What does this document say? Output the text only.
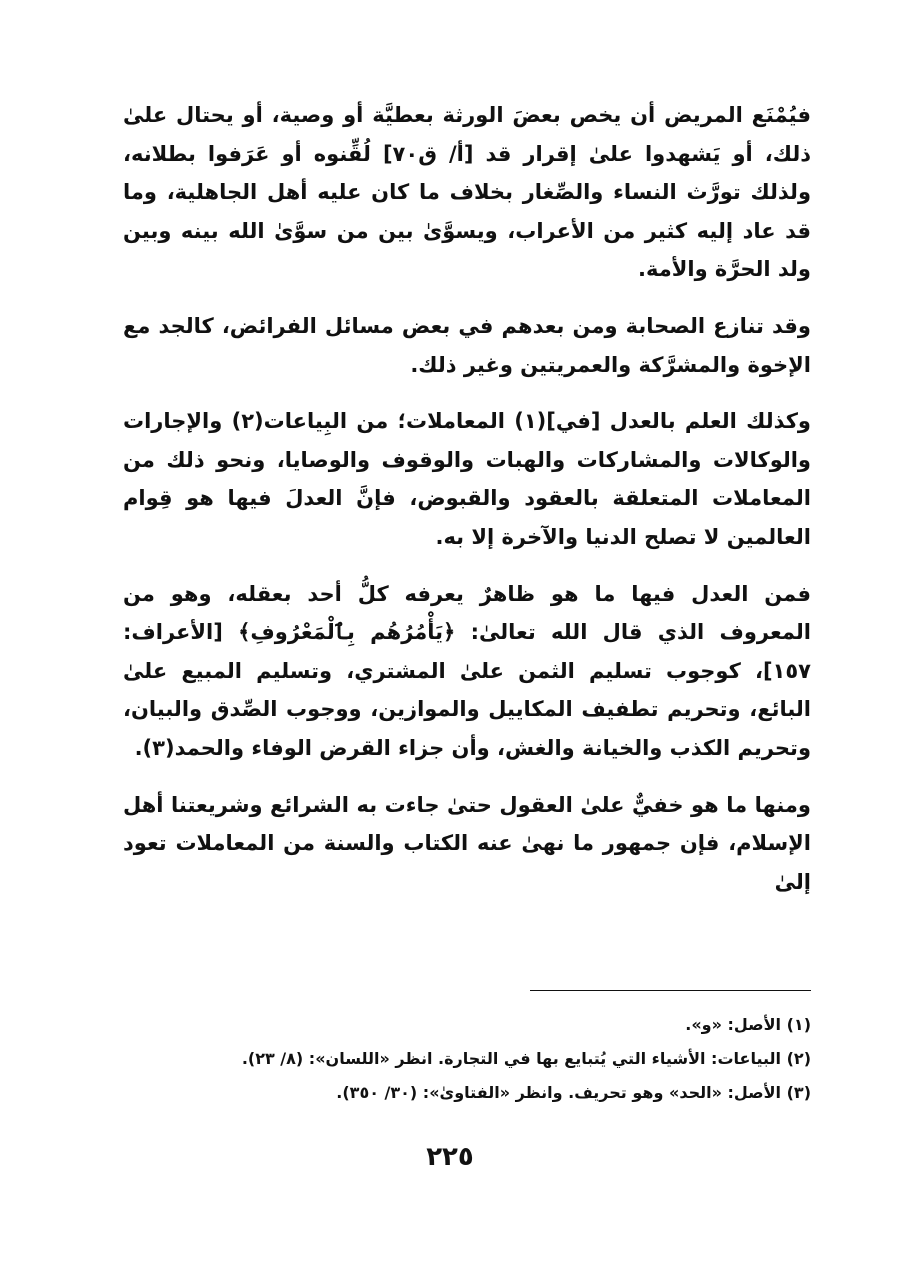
فيُمْنَع المريض أن يخص بعضَ الورثة بعطيَّة أو وصية، أو يحتال علىٰ ذلك، أو يَشهدوا علىٰ إقرار قد [أ/ ق٧٠] لُقِّنوه أو عَرَفوا بطلانه، ولذلك تورَّث النساء والصِّغار بخلاف ما كان عليه أهل الجاهلية، وما قد عاد إليه كثير من الأعراب، ويسوَّىٰ بين من سوَّىٰ الله بينه وبين ولد الحرَّة والأمة.

وقد تنازع الصحابة ومن بعدهم في بعض مسائل الفرائض، كالجد مع الإخوة والمشرَّكة والعمريتين وغير ذلك.

وكذلك العلم بالعدل [في](١) المعاملات؛ من البِياعات(٢) والإجارات والوكالات والمشاركات والهبات والوقوف والوصايا، ونحو ذلك من المعاملات المتعلقة بالعقود والقبوض، فإنَّ العدلَ فيها هو قِوام العالمين لا تصلح الدنيا والآخرة إلا به.

فمن العدل فيها ما هو ظاهرٌ يعرفه كلُّ أحد بعقله، وهو من المعروف الذي قال الله تعالىٰ: ﴿يَأْمُرُهُم بِٱلْمَعْرُوفِ﴾ [الأعراف: ١٥٧]، كوجوب تسليم الثمن علىٰ المشتري، وتسليم المبيع علىٰ البائع، وتحريم تطفيف المكاييل والموازين، ووجوب الصِّدق والبيان، وتحريم الكذب والخيانة والغش، وأن جزاء القرض الوفاء والحمد(٣).

ومنها ما هو خفيٌّ علىٰ العقول حتىٰ جاءت به الشرائع وشريعتنا أهل الإسلام، فإن جمهور ما نهىٰ عنه الكتاب والسنة من المعاملات تعود إلىٰ

(١) الأصل: «و».
(٢) البياعات: الأشياء التي يُتبايع بها في التجارة. انظر «اللسان»: (٨/ ٢٣).
(٣) الأصل: «الحد» وهو تحريف. وانظر «الفتاوىٰ»: (٣٠/ ٣٥٠).
٢٢٥
